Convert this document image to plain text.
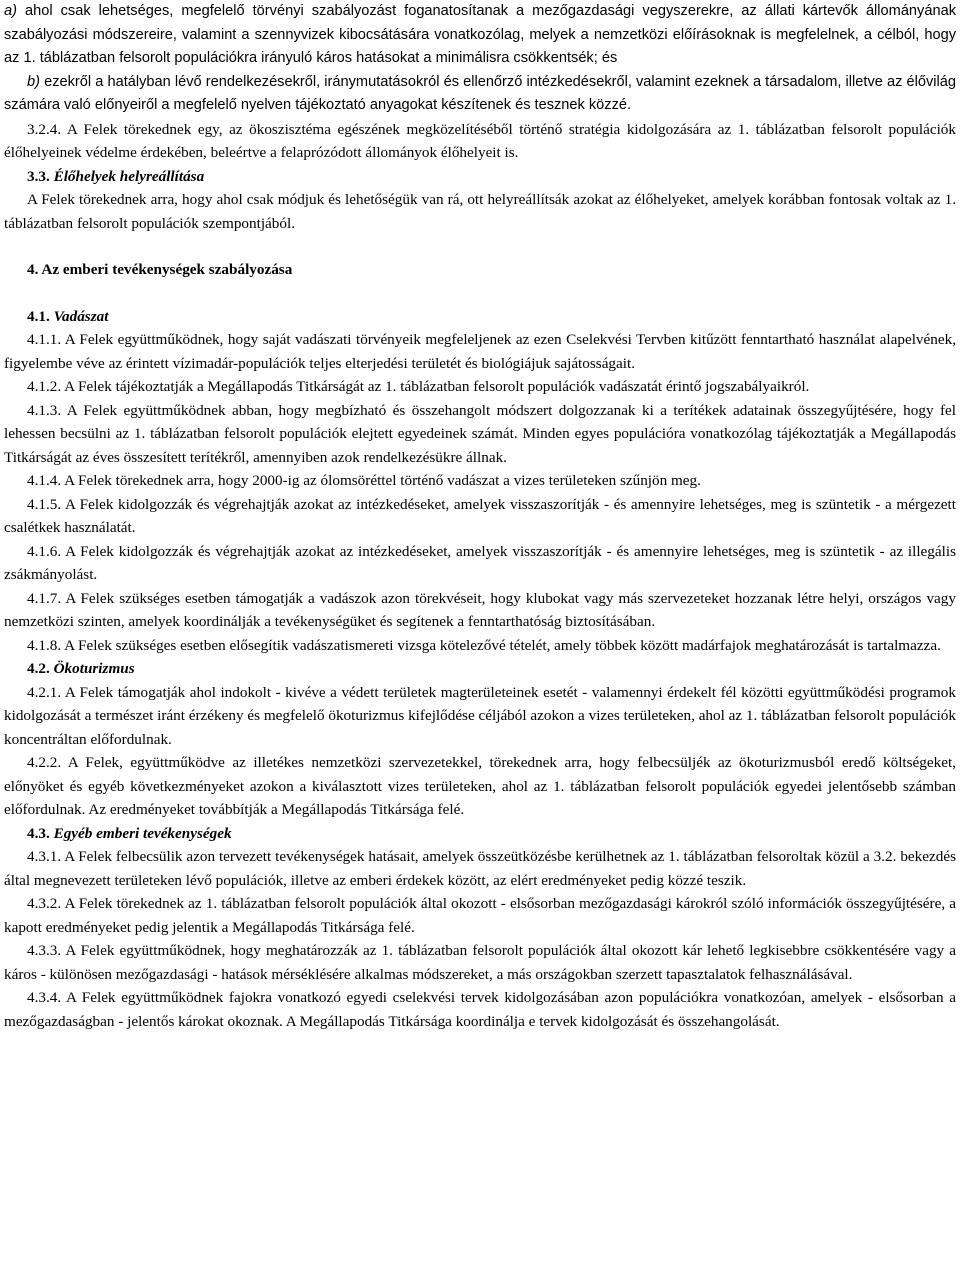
a) ahol csak lehetséges, megfelelő törvényi szabályozást foganatosítanak a mezőgazdasági vegyszerekre, az állati kártevők állományának szabályozási módszereire, valamint a szennyvizek kibocsátására vonatkozólag, melyek a nemzetközi előírásoknak is megfelelnek, a célból, hogy az 1. táblázatban felsorolt populációkra irányuló káros hatásokat a minimálisra csökkentsék; és

b) ezekről a hatályban lévő rendelkezésekről, iránymutatásokról és ellenőrző intézkedésekről, valamint ezeknek a társadalom, illetve az élővilág számára való előnyeiről a megfelelő nyelven tájékoztató anyagokat készítenek és tesznek közzé.

3.2.4. A Felek törekednek egy, az ökoszisztéma egészének megközelítéséből történő stratégia kidolgozására az 1. táblázatban felsorolt populációk élőhelyeinek védelme érdekében, beleértve a felaprózódott állományok élőhelyeit is.

3.3. Élőhelyek helyreállítása

A Felek törekednek arra, hogy ahol csak módjuk és lehetőségük van rá, ott helyreállítsák azokat az élőhelyeket, amelyek korábban fontosak voltak az 1. táblázatban felsorolt populációk szempontjából.

4. Az emberi tevékenységek szabályozása

4.1. Vadászat

4.1.1. A Felek együttműködnek, hogy saját vadászati törvényeik megfeleljenek az ezen Cselekvési Tervben kitűzött fenntartható használat alapelvének, figyelembe véve az érintett vízimadár-populációk teljes elterjedési területét és biológiájuk sajátosságait.

4.1.2. A Felek tájékoztatják a Megállapodás Titkárságát az 1. táblázatban felsorolt populációk vadászatát érintő jogszabályaikról.

4.1.3. A Felek együttműködnek abban, hogy megbízható és összehangolt módszert dolgozzanak ki a terítékek adatainak összegyűjtésére, hogy fel lehessen becsülni az 1. táblázatban felsorolt populációk elejtett egyedeinek számát. Minden egyes populációra vonatkozólag tájékoztatják a Megállapodás Titkárságát az éves összesített terítékről, amennyiben azok rendelkezésükre állnak.

4.1.4. A Felek törekednek arra, hogy 2000-ig az ólomsöréttel történő vadászat a vizes területeken szűnjön meg.

4.1.5. A Felek kidolgozzák és végrehajtják azokat az intézkedéseket, amelyek visszaszorítják - és amennyire lehetséges, meg is szüntetik - a mérgezett csalétkek használatát.

4.1.6. A Felek kidolgozzák és végrehajtják azokat az intézkedéseket, amelyek visszaszorítják - és amennyire lehetséges, meg is szüntetik - az illegális zsákmányolást.

4.1.7. A Felek szükséges esetben támogatják a vadászok azon törekvéseit, hogy klubokat vagy más szervezeteket hozzanak létre helyi, országos vagy nemzetközi szinten, amelyek koordinálják a tevékenységüket és segítenek a fenntarthatóság biztosításában.

4.1.8. A Felek szükséges esetben elősegítik vadászatismereti vizsga kötelezővé tételét, amely többek között madárfajok meghatározását is tartalmazza.

4.2. Ökoturizmus

4.2.1. A Felek támogatják ahol indokolt - kivéve a védett területek magterületeinek esetét - valamennyi érdekelt fél közötti együttműködési programok kidolgozását a természet iránt érzékeny és megfelelő ökoturizmus kifejlődése céljából azokon a vizes területeken, ahol az 1. táblázatban felsorolt populációk koncentráltan előfordulnak.

4.2.2. A Felek, együttműködve az illetékes nemzetközi szervezetekkel, törekednek arra, hogy felbecsüljék az ökoturizmusból eredő költségeket, előnyöket és egyéb következményeket azokon a kiválasztott vizes területeken, ahol az 1. táblázatban felsorolt populációk egyedei jelentősebb számban előfordulnak. Az eredményeket továbbítják a Megállapodás Titkársága felé.

4.3. Egyéb emberi tevékenységek

4.3.1. A Felek felbecsülik azon tervezett tevékenységek hatásait, amelyek összeütközésbe kerülhetnek az 1. táblázatban felsoroltak közül a 3.2. bekezdés által megnevezett területeken lévő populációk, illetve az emberi érdekek között, az elért eredményeket pedig közzé teszik.

4.3.2. A Felek törekednek az 1. táblázatban felsorolt populációk által okozott - elsősorban mezőgazdasági károkról szóló információk összegyűjtésére, a kapott eredményeket pedig jelentik a Megállapodás Titkársága felé.

4.3.3. A Felek együttműködnek, hogy meghatározzák az 1. táblázatban felsorolt populációk által okozott kár lehető legkisebbre csökkentésére vagy a káros - különösen mezőgazdasági - hatások mérséklésére alkalmas módszereket, a más országokban szerzett tapasztalatok felhasználásával.

4.3.4. A Felek együttműködnek fajokra vonatkozó egyedi cselekvési tervek kidolgozásában azon populációkra vonatkozóan, amelyek - elsősorban a mezőgazdaságban - jelentős károkat okoznak. A Megállapodás Titkársága koordinálja e tervek kidolgozását és összehangolását.
